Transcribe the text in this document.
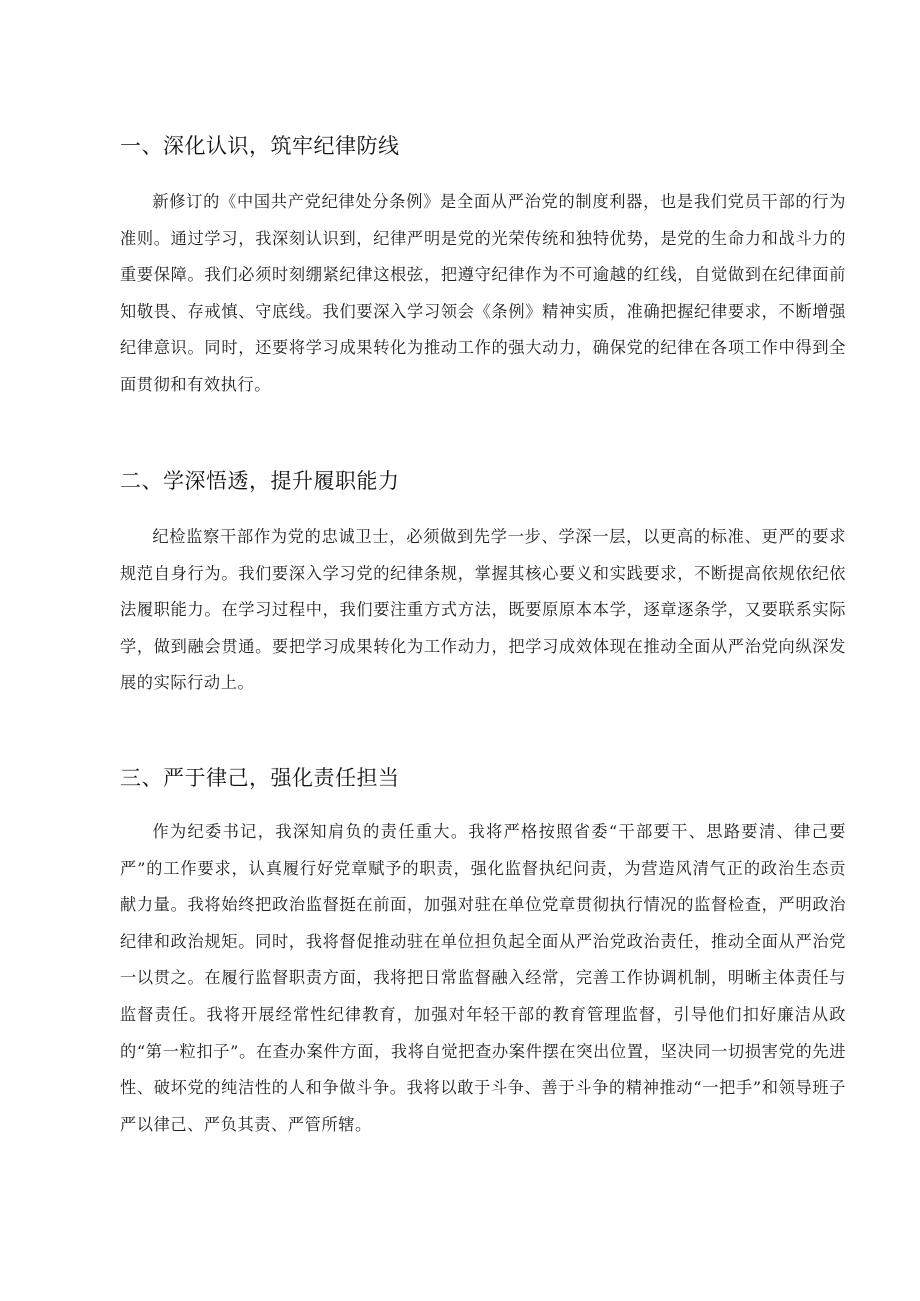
一、深化认识，筑牢纪律防线

新修订的《中国共产党纪律处分条例》是全面从严治党的制度利器，也是我们党员干部的行为准则。通过学习，我深刻认识到，纪律严明是党的光荣传统和独特优势，是党的生命力和战斗力的重要保障。我们必须时刻绷紧纪律这根弦，把遵守纪律作为不可逾越的红线，自觉做到在纪律面前知敬畏、存戒慎、守底线。我们要深入学习领会《条例》精神实质，准确把握纪律要求，不断增强纪律意识。同时，还要将学习成果转化为推动工作的强大动力，确保党的纪律在各项工作中得到全面贯彻和有效执行。

二、学深悟透，提升履职能力

纪检监察干部作为党的忠诚卫士，必须做到先学一步、学深一层，以更高的标准、更严的要求规范自身行为。我们要深入学习党的纪律条规，掌握其核心要义和实践要求，不断提高依规依纪依法履职能力。在学习过程中，我们要注重方式方法，既要原原本本学，逐章逐条学，又要联系实际学，做到融会贯通。要把学习成果转化为工作动力，把学习成效体现在推动全面从严治党向纵深发展的实际行动上。

三、严于律己，强化责任担当

作为纪委书记，我深知肩负的责任重大。我将严格按照省委“干部要干、思路要清、律己要严”的工作要求，认真履行好党章赋予的职责，强化监督执纪问责，为营造风清气正的政治生态贡献力量。我将始终把政治监督挺在前面，加强对驻在单位党章贯彻执行情况的监督检查，严明政治纪律和政治规矩。同时，我将督促推动驻在单位担负起全面从严治党政治责任，推动全面从严治党一以贯之。在履行监督职责方面，我将把日常监督融入经常，完善工作协调机制，明晰主体责任与监督责任。我将开展经常性纪律教育，加强对年轻干部的教育管理监督，引导他们扣好廉洁从政的“第一粒扣子”。在查办案件方面，我将自觉把查办案件摆在突出位置，坚决同一切损害党的先进性、破坏党的纯洁性的人和争做斗争。我将以敢于斗争、善于斗争的精神推动“一把手”和领导班子严以律己、严负其责、严管所辖。
